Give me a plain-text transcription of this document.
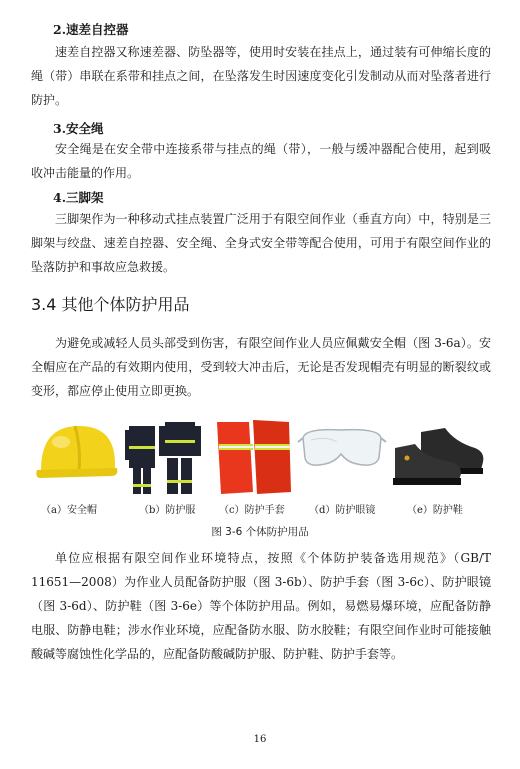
2.速差自控器
速差自控器又称速差器、防坠器等，使用时安装在挂点上，通过装有可伸缩长度的绳（带）串联在系带和挂点之间，在坠落发生时因速度变化引发制动从而对坠落者进行防护。
3.安全绳
安全绳是在安全带中连接系带与挂点的绳（带），一般与缓冲器配合使用，起到吸收冲击能量的作用。
4.三脚架
三脚架作为一种移动式挂点装置广泛用于有限空间作业（垂直方向）中，特别是三脚架与绞盘、速差自控器、安全绳、全身式安全带等配合使用，可用于有限空间作业的坠落防护和事故应急救援。
3.4 其他个体防护用品
为避免或减轻人员头部受到伤害，有限空间作业人员应佩戴安全帽（图 3-6a）。安全帽应在产品的有效期内使用，受到较大冲击后，无论是否发现帽壳有明显的断裂纹或变形，都应停止使用立即更换。
（a）安全帽	（b）防护服 （c）防护手套 （d）防护眼镜	（e）防护鞋
图 3-6 个体防护用品
单位应根据有限空间作业环境特点，按照《个体防护装备选用规范》（GB/T 11651—2008）为作业人员配备防护服（图 3-6b）、防护手套（图 3-6c）、防护眼镜（图 3-6d）、防护鞋（图 3-6e）等个体防护用品。例如，易燃易爆环境，应配备防静电服、防静电鞋；涉水作业环境，应配备防水服、防水胶鞋；有限空间作业时可能接触酸碱等腐蚀性化学品的，应配备防酸碱防护服、防护鞋、防护手套等。
16
